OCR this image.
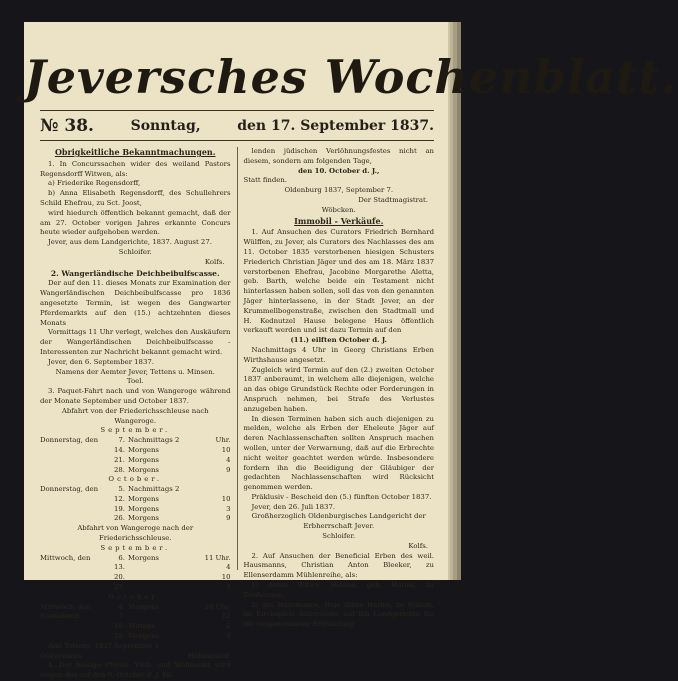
Jeversches Wochenblatt.
№ 38.	Sonntag,	den 17. September 1837.
Obrigkeitliche Bekanntmachungen.

1. In Concurssachen wider des weiland Pastors Regensdorff Witwen, als:

a) Friederike Regensdorff,

b) Anna Elisabeth Regensdorff, des Schullehrers Schild Ehefrau, zu Sct. Joost,

wird hiedurch öffentlich bekannt gemacht, daß der am 27. October vorigen Jahres erkannte Concurs heute wieder aufgehoben werden.

Jever, aus dem Landgerichte, 1837. August 27.

Schloifer.
Kolfs.
2. Wangerländische Deichbeibulfscasse.

Der auf den 11. dieses Monats zur Examination der Wangerländischen Deichbeibulfscasse pro 1836 angesetzte Termin, ist wegen des Gangwarter Pferdemarkts auf den (15.) achtzehnten dieses Monats

Vormittags 11 Uhr verlegt, welches den Auskäufern der Wangerländischen Deichbeibulfscasse - Interessenten zur Nachricht bekannt gemacht wird.

Jever, den 6. September 1837.

Namens der Aemter Jever, Tettens u. Minsen.
Toel.

3. Paquet-Fahrt nach und von Wangeroge während der Monate September und October 1837.

Abfahrt von der Friederichsschleuse nach Wangeroge.
September.
Donnerstag, den	7. Nachmittags 2	Uhr.
14. Morgens	10
21. Morgens	4
28. Morgens	9
October.
Donnerstag, den	5. Nachmittags 2
12. Morgens	10
19. Morgens	3
26. Morgens	9
Abfahrt von Wangeroge nach der Friederichsschleuse.
September.
Mittwoch, den	6. Morgens	11 Uhr.
13.	4
20.	10
27.	3
October.
Mittwoch, den	4. Morgens	10 Uhr.
Sonnabend	7.	12
18. Mittags	2
25. Morgens	9

Amt Tettens, 1837 September 1.

Oeltermann.	Hoßmeister.

4. Der hiesige Pferde- Vieh- und Wollmarkt wird wegen des auf den 9. October d. J. fal-

lenden jüdischen Verlöhnungsfestes nicht an diesem, sondern am folgenden Tage,

den 10. October d. J.,
Statt finden.
Oldenburg 1837, September 7.
Der Stadtmagistrat.
Wöbcken.
Immobil - Verkäufe.

1. Auf Ansuchen des Curators Friedrich Bernhard Wülffen, zu Jever, als Curators des Nachlasses des am 11. October 1835 verstorbenen hiesigen Schusters Friederich Christian Jäger und des am 18. März 1837 verstorbenen Ehefrau, Jacobine Morgarethe Aletta, geb. Barth, welche beide ein Testament nicht hinterlassen haben sollen, soll das von den genannten Jäger hinterlassene, in der Stadt Jever, an der Krummellbogenstraße, zwischen den Stadtmall und H. Kednutzel Hause belegene Haus öffentlich verkauft werden und ist dazu Termin auf den

(11.) eilften October d. J.

Nachmittags 4 Uhr in Georg Christians Erben Wirthshause angesetzt.

Zugleich wird Termin auf den (2.) zweiten October 1837 anberaumt, in welchem alle diejenigen, welche an das obige Grundstück Rechte oder Forderungen in Anspruch nehmen, bei Strafe des Verlustes anzugeben haben.

In diesen Terminen haben sich auch diejenigen zu melden, welche als Erben der Eheleute Jäger auf deren Nachlassenschaften sollten Anspruch machen wollen, unter der Verwarnung, daß auf die Erbrechte nicht weiter geachtet werden würde. Insbesondere fordern ihn die Beeidigung der Gläubiger der gedachten Nachlassenschaften wird Rücksicht genommen werden.

Präklusiv - Bescheid den (5.) fünften October 1837.

Jever, den 26. Juli 1837.

Großherzoglich Oldenburgisches Landgericht der Erbherrschaft Jever.
Schloifer.
Kolfs.

2. Auf Ansuchen der Beneficial Erben des weil. Hausmanns, Christian Anton Bleeker, zu Ellenserdamm Mühlenreihe, als:

1) deren Witwe, Helena, geb. Harms, zu Denhausen,

2) des Hausmanns, Hajo Alken Harms, zu Sykerk, im Kirchspiele Sillenstede, auf ihn Landgerichte für die vorgenommene Erbtheilung
